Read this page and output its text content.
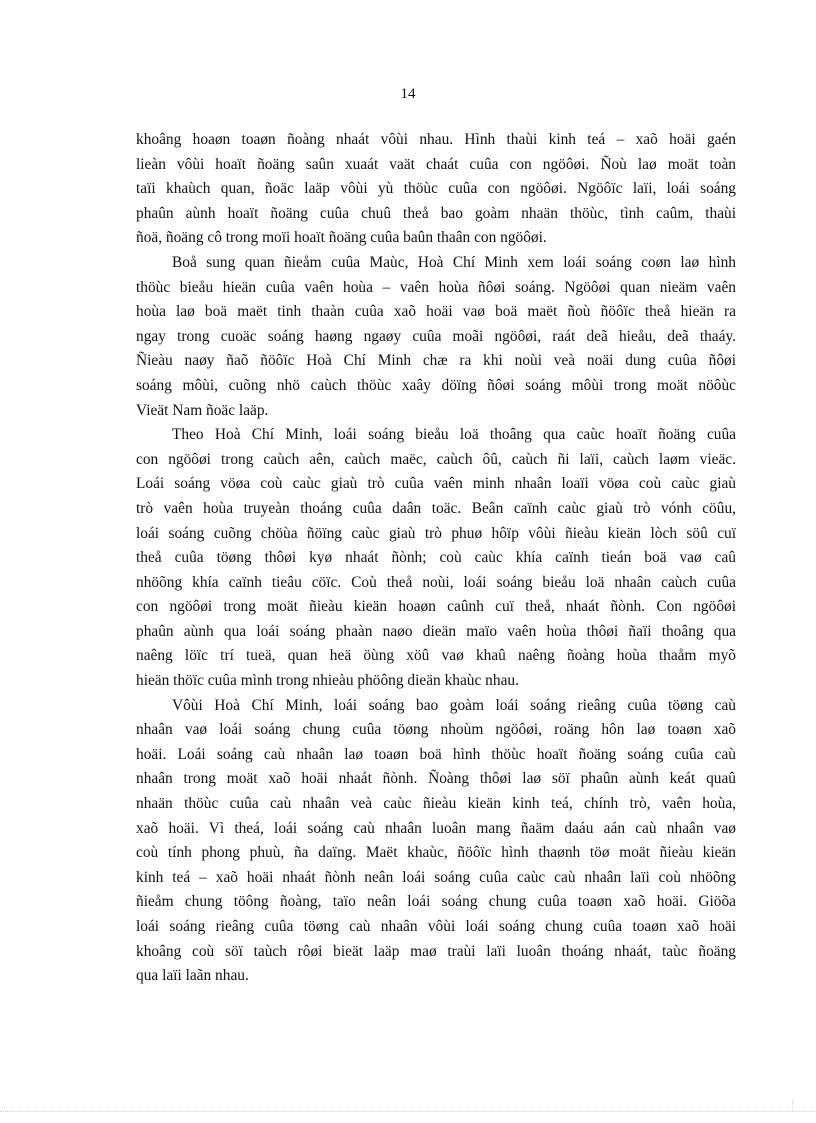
14
khoâng hoaøn toaøn ñoàng nhaát vôùi nhau. Hình thaùi kinh teá – xaõ hoäi gaén
lieàn vôùi hoaït ñoäng saûn xuaát vaät chaát cuûa con ngöôøi. Ñoù laø moät toàn
taïi khaùch quan, ñoäc laäp vôùi yù thöùc cuûa con ngöôøi. Ngöôïc laïi, loái soáng
phaûn aùnh hoaït ñoäng cuûa chuû theå bao goàm nhaän thöùc, tình caûm, thaùi
ñoä, ñoäng cô trong moïi hoaït ñoäng cuûa baûn thaân con ngöôøi.
Boå sung quan ñieåm cuûa Maùc, Hoà Chí Minh xem loái soáng coøn laø hình
thöùc bieåu hieän cuûa vaên hoùa – vaên hoùa ñôøi soáng. Ngöôøi quan nieäm vaên
hoùa laø boä maët tinh thaàn cuûa xaõ hoäi vaø boä maët ñoù ñöôïc theå hieän ra
ngay trong cuoäc soáng haøng ngaøy cuûa moãi ngöôøi, raát deã hieåu, deã thaáy.
Ñieàu naøy ñaõ ñöôïc Hoà Chí Minh chæ ra khi noùi veà noäi dung cuûa ñôøi
soáng môùi, cuõng nhö caùch thöùc xaây döïng ñôøi soáng môùi trong moät nöôùc
Vieät Nam ñoäc laäp.
Theo Hoà Chí Minh, loái soáng bieåu loä thoâng qua caùc hoaït ñoäng cuûa
con ngöôøi trong caùch aên, caùch maëc, caùch ôû, caùch ñi laïi, caùch laøm vieäc.
Loái soáng vöøa coù caùc giaù trò cuûa vaên minh nhaân loaïi vöøa coù caùc giaù
trò vaên hoùa truyeàn thoáng cuûa daân toäc. Beân caïnh caùc giaù trò vónh cöûu,
loái soáng cuõng chöùa ñöïng caùc giaù trò phuø hôïp vôùi ñieàu kieän lòch söû cuï
theå cuûa töøng thôøi kyø nhaát ñònh; coù caùc khía caïnh tieán boä vaø caû
nhöõng khía caïnh tieâu cöïc. Coù theå noùi, loái soáng bieåu loä nhaân caùch cuûa
con ngöôøi trong moät ñieàu kieän hoaøn caûnh cuï theå, nhaát ñònh. Con ngöôøi
phaûn aùnh qua loái soáng phaàn naøo dieän maïo vaên hoùa thôøi ñaïi thoâng qua
naêng löïc trí tueä, quan heä öùng xöû vaø khaû naêng ñoàng hoùa thaåm myõ
hieän thöïc cuûa mình trong nhieàu phöông dieän khaùc nhau.
Vôùi Hoà Chí Minh, loái soáng bao goàm loái soáng rieâng cuûa töøng caù
nhaân vaø loái soáng chung cuûa töøng nhoùm ngöôøi, roäng hôn laø toaøn xaõ
hoäi. Loái soáng caù nhaân laø toaøn boä hình thöùc hoaït ñoäng soáng cuûa caù
nhaân trong moät xaõ hoäi nhaát ñònh. Ñoàng thôøi laø söï phaûn aùnh keát quaû
nhaän thöùc cuûa caù nhaân veà caùc ñieàu kieän kinh teá, chính trò, vaên hoùa,
xaõ hoäi. Vì theá, loái soáng caù nhaân luoân mang ñaäm daáu aán caù nhaân vaø
coù tính phong phuù, ña daïng. Maët khaùc, ñöôïc hình thaønh töø moät ñieàu kieän
kinh teá – xaõ hoäi nhaát ñònh neân loái soáng cuûa caùc caù nhaân laïi coù nhöõng
ñieåm chung töông ñoàng, taïo neân loái soáng chung cuûa toaøn xaõ hoäi. Giöõa
loái soáng rieâng cuûa töøng caù nhaân vôùi loái soáng chung cuûa toaøn xaõ hoäi
khoâng coù söï taùch rôøi bieät laäp maø traùi laïi luoân thoáng nhaát, taùc ñoäng
qua laïi laãn nhau.
